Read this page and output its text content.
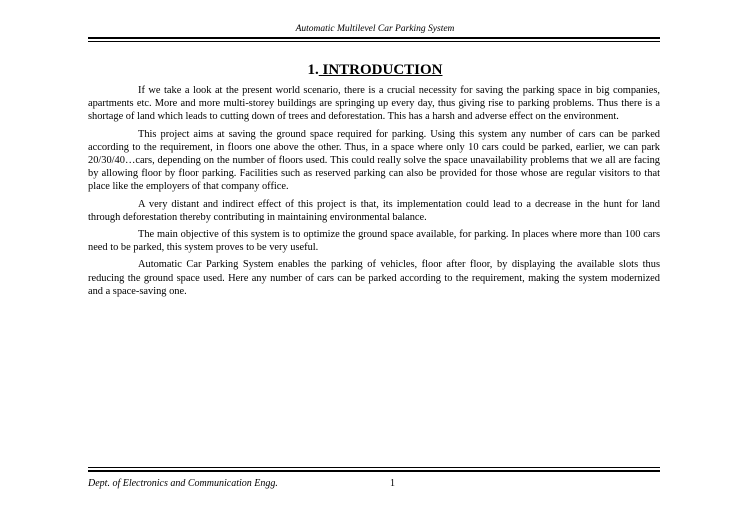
Automatic Multilevel Car Parking System
1. INTRODUCTION

If we take a look at the present world scenario, there is a crucial necessity for saving the parking space in big companies, apartments etc. More and more multi-storey buildings are springing up every day, thus giving rise to parking problems. Thus there is a shortage of land which leads to cutting down of trees and deforestation. This has a harsh and adverse effect on the environment.

This project aims at saving the ground space required for parking. Using this system any number of cars can be parked according to the requirement, in floors one above the other. Thus, in a space where only 10 cars could be parked, earlier, we can park 20/30/40…cars, depending on the number of floors used. This could really solve the space unavailability problems that we all are facing by allowing floor by floor parking. Facilities such as reserved parking can also be provided for those whose are regular visitors to that place like the employers of that company office.

A very distant and indirect effect of this project is that, its implementation could lead to a decrease in the hunt for land through deforestation thereby contributing in maintaining environmental balance.

The main objective of this system is to optimize the ground space available, for parking. In places where more than 100 cars need to be parked, this system proves to be very useful.

Automatic Car Parking System enables the parking of vehicles, floor after floor, by displaying the available slots thus reducing the ground space used. Here any number of cars can be parked according to the requirement, making the system modernized and a space-saving one.

Dept. of Electronics and Communication Engg.	1
